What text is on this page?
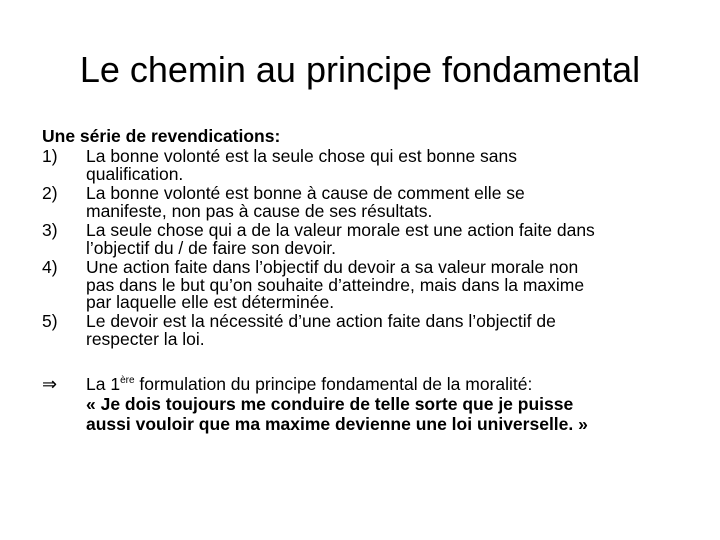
Le chemin au principe fondamental

Une série de revendications:

1)	La bonne volonté est la seule chose qui est bonne sans
qualification.
2)	La bonne volonté est bonne à cause de comment elle se
manifeste, non pas à cause de ses résultats.
3)	La seule chose qui a de la valeur morale est une action faite dans
l’objectif du / de faire son devoir.
4)	Une action faite dans l’objectif du devoir a sa valeur morale non
pas dans le but qu’on souhaite d’atteindre, mais dans la maxime
par laquelle elle est déterminée.
5)	Le devoir est la nécessité d’une action faite dans l’objectif de
respecter la loi.
⇒	La 1ère formulation du principe fondamental de la moralité:
« Je dois toujours me conduire de telle sorte que je puisse
aussi vouloir que ma maxime devienne une loi universelle. »
